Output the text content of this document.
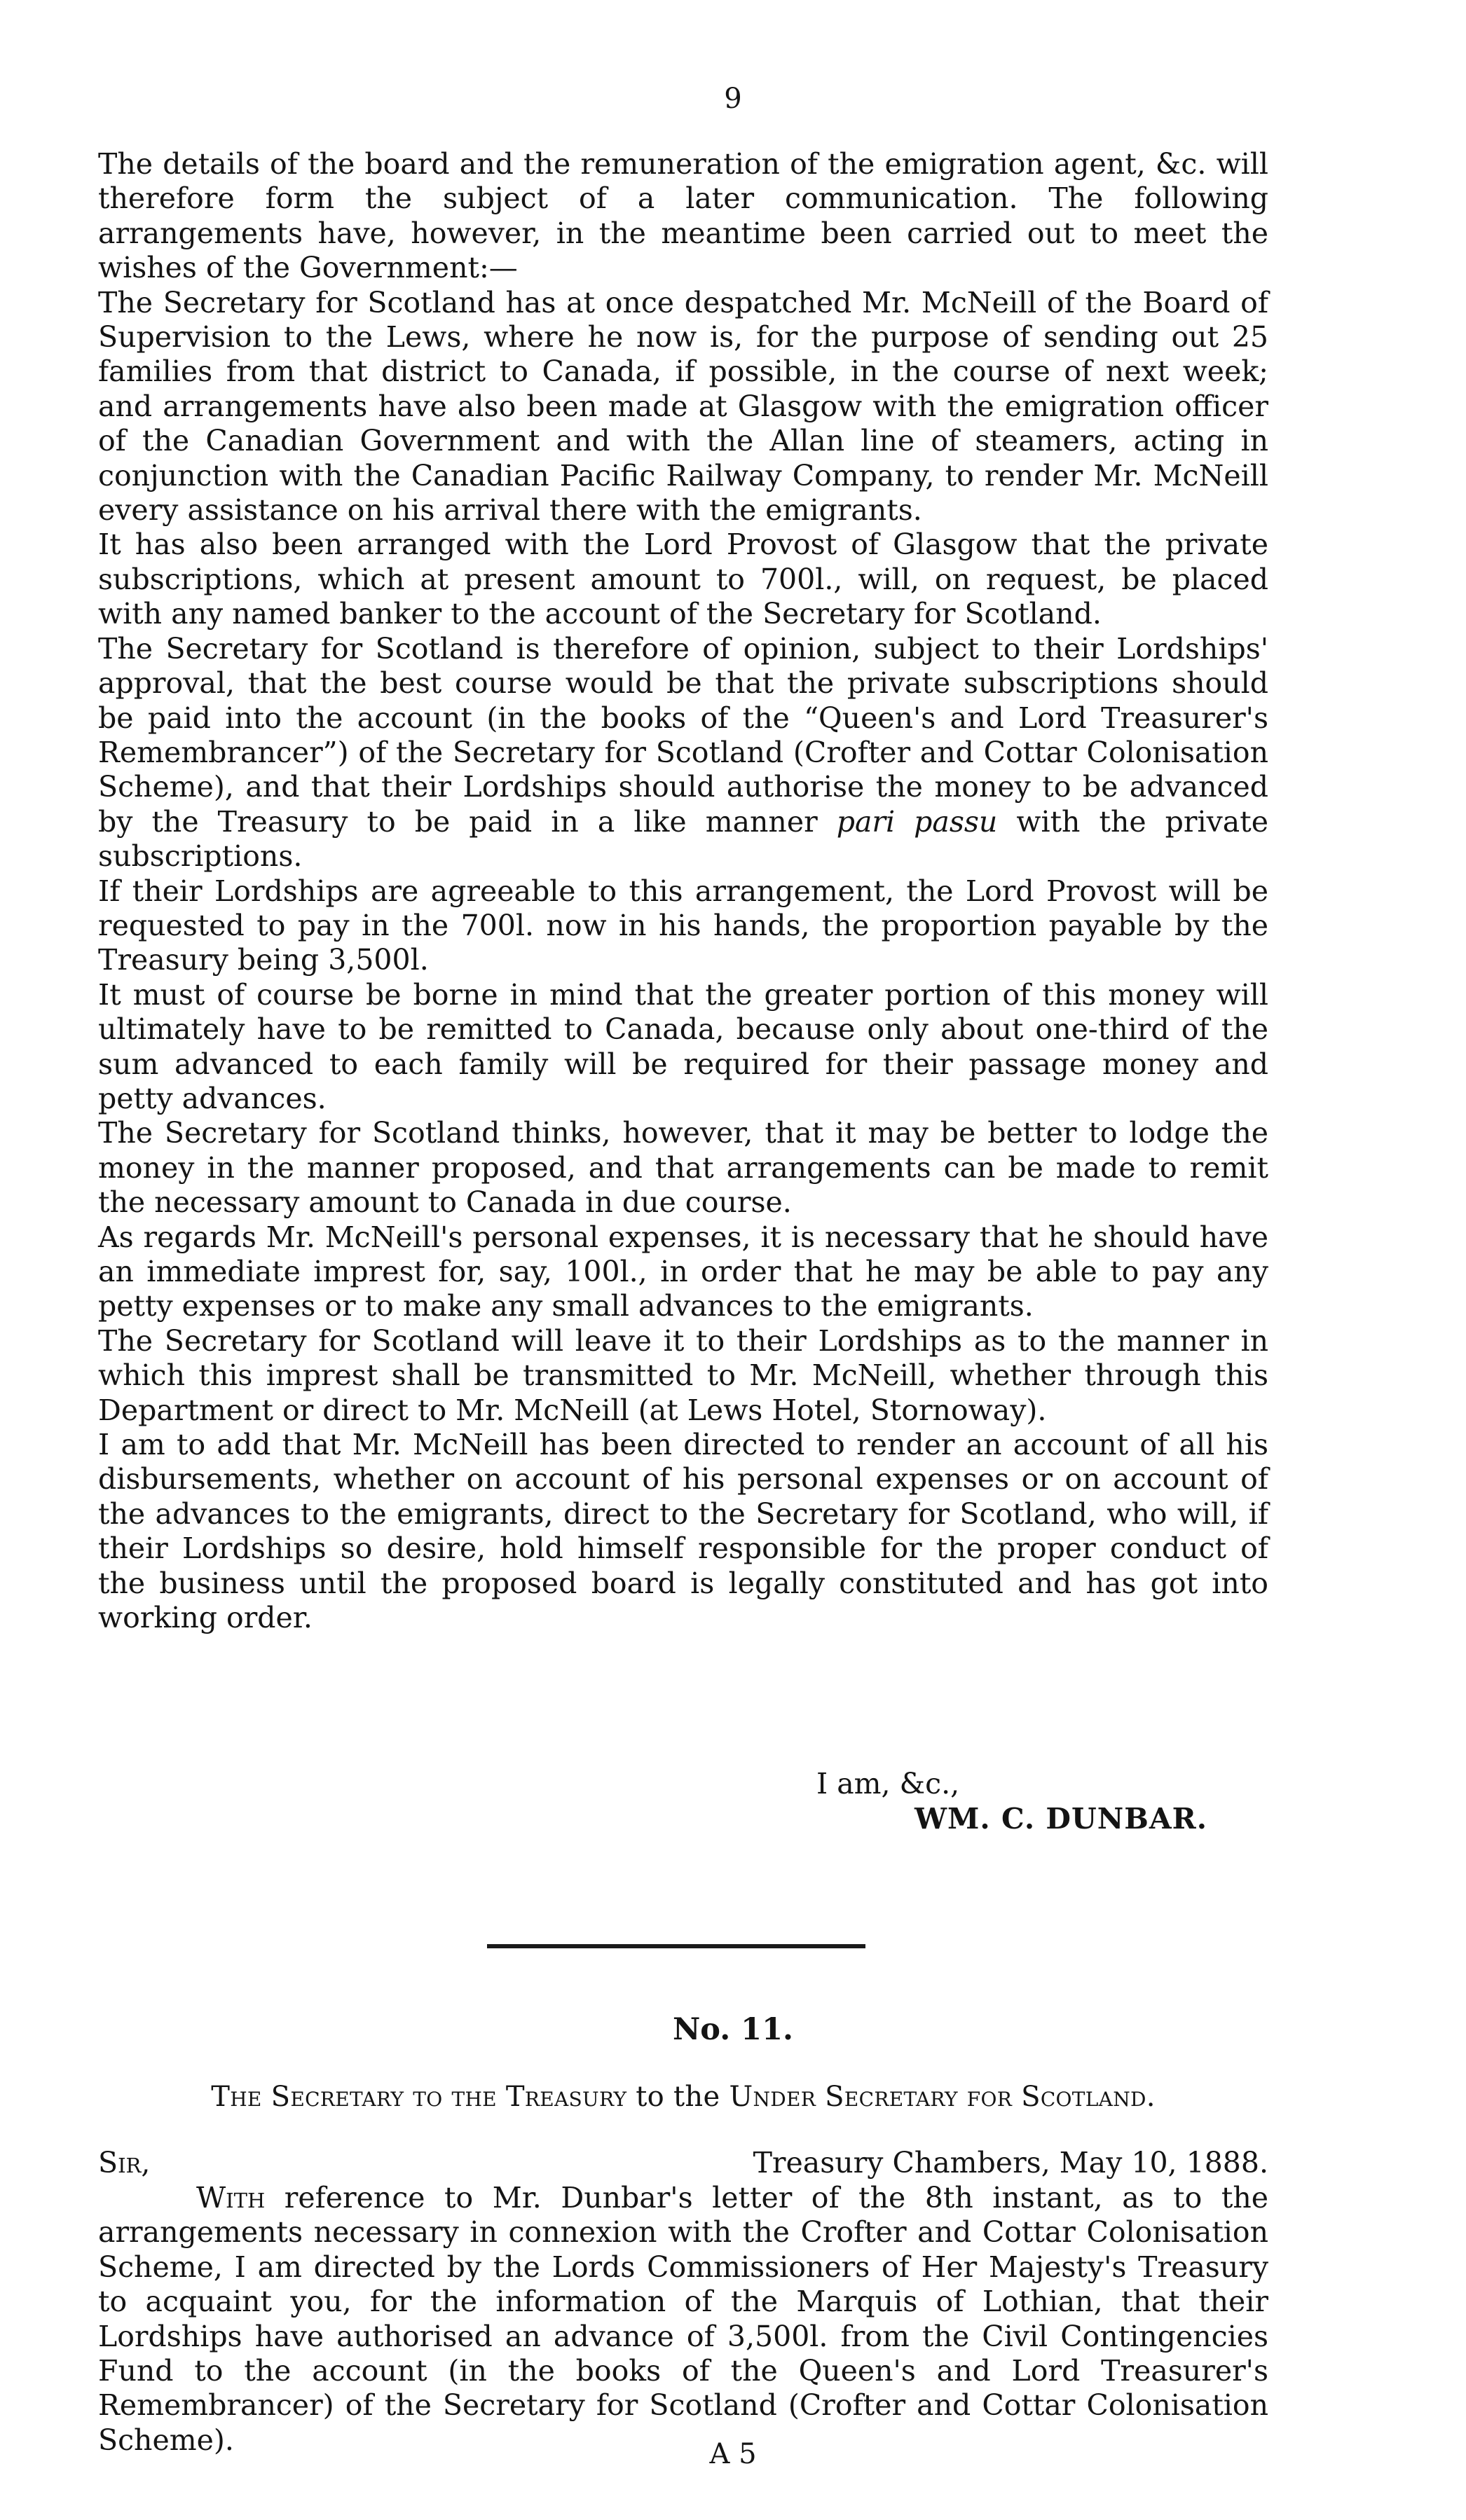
9

The details of the board and the remuneration of the emigration agent, &c. will therefore form the subject of a later communication. The following arrangements have, however, in the meantime been carried out to meet the wishes of the Government:—

The Secretary for Scotland has at once despatched Mr. McNeill of the Board of Supervision to the Lews, where he now is, for the purpose of sending out 25 families from that district to Canada, if possible, in the course of next week; and arrangements have also been made at Glasgow with the emigration officer of the Canadian Government and with the Allan line of steamers, acting in conjunction with the Canadian Pacific Railway Company, to render Mr. McNeill every assistance on his arrival there with the emigrants.

It has also been arranged with the Lord Provost of Glasgow that the private subscriptions, which at present amount to 700l., will, on request, be placed with any named banker to the account of the Secretary for Scotland.

The Secretary for Scotland is therefore of opinion, subject to their Lordships' approval, that the best course would be that the private subscriptions should be paid into the account (in the books of the “Queen's and Lord Treasurer's Remembrancer”) of the Secretary for Scotland (Crofter and Cottar Colonisation Scheme), and that their Lordships should authorise the money to be advanced by the Treasury to be paid in a like manner pari passu with the private subscriptions.

If their Lordships are agreeable to this arrangement, the Lord Provost will be requested to pay in the 700l. now in his hands, the proportion payable by the Treasury being 3,500l.

It must of course be borne in mind that the greater portion of this money will ultimately have to be remitted to Canada, because only about one-third of the sum advanced to each family will be required for their passage money and petty advances.

The Secretary for Scotland thinks, however, that it may be better to lodge the money in the manner proposed, and that arrangements can be made to remit the necessary amount to Canada in due course.

As regards Mr. McNeill's personal expenses, it is necessary that he should have an immediate imprest for, say, 100l., in order that he may be able to pay any petty expenses or to make any small advances to the emigrants.

The Secretary for Scotland will leave it to their Lordships as to the manner in which this imprest shall be transmitted to Mr. McNeill, whether through this Department or direct to Mr. McNeill (at Lews Hotel, Stornoway).

I am to add that Mr. McNeill has been directed to render an account of all his disbursements, whether on account of his personal expenses or on account of the advances to the emigrants, direct to the Secretary for Scotland, who will, if their Lordships so desire, hold himself responsible for the proper conduct of the business until the proposed board is legally constituted and has got into working order.

I am, &c.,
WM. C. DUNBAR.
No. 11.
The Secretary to the Treasury to the Under Secretary for Scotland.
Sir,	Treasury Chambers, May 10, 1888.

With reference to Mr. Dunbar's letter of the 8th instant, as to the arrangements necessary in connexion with the Crofter and Cottar Colonisation Scheme, I am directed by the Lords Commissioners of Her Majesty's Treasury to acquaint you, for the information of the Marquis of Lothian, that their Lordships have authorised an advance of 3,500l. from the Civil Contingencies Fund to the account (in the books of the Queen's and Lord Treasurer's Remembrancer) of the Secretary for Scotland (Crofter and Cottar Colonisation Scheme).	A 5
